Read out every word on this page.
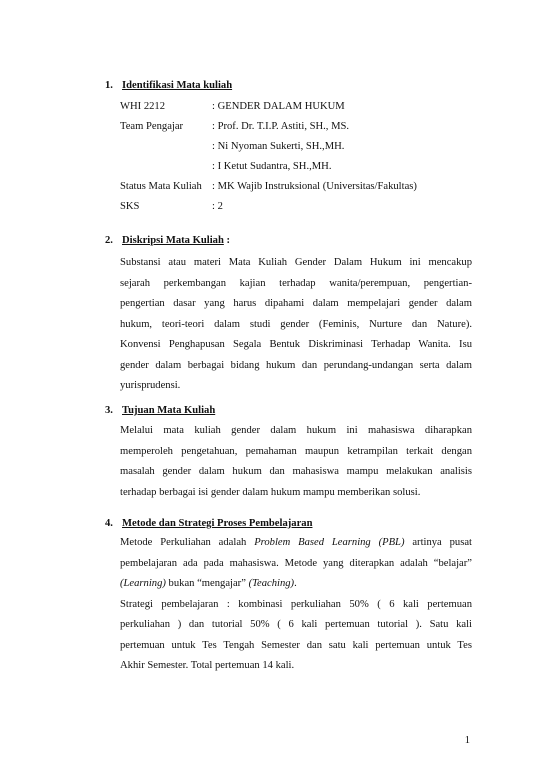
1. Identifikasi Mata kuliah
WHI 2212	: GENDER DALAM HUKUM
Team Pengajar	: Prof. Dr. T.I.P. Astiti, SH., MS.
: Ni Nyoman Sukerti, SH.,MH.
: I Ketut Sudantra, SH.,MH.
Status Mata Kuliah : MK Wajib Instruksional (Universitas/Fakultas)
SKS	: 2
2. Diskripsi Mata Kuliah :
Substansi atau materi Mata Kuliah Gender Dalam Hukum ini mencakup
sejarah perkembangan kajian terhadap wanita/perempuan, pengertian-
pengertian dasar yang harus dipahami dalam mempelajari gender dalam
hukum, teori-teori dalam studi gender (Feminis, Nurture dan Nature).
Konvensi Penghapusan Segala Bentuk Diskriminasi Terhadap Wanita. Isu
gender dalam berbagai bidang hukum dan perundang-undangan serta dalam
yurisprudensi.
3. Tujuan Mata Kuliah
Melalui mata kuliah gender dalam hukum ini mahasiswa diharapkan
memperoleh pengetahuan, pemahaman maupun ketrampilan terkait dengan
masalah gender dalam hukum dan mahasiswa mampu melakukan analisis
terhadap berbagai isi gender dalam hukum mampu memberikan solusi.
4. Metode dan Strategi Proses Pembelajaran
Metode Perkuliahan adalah Problem Based Learning (PBL) artinya pusat
pembelajaran ada pada mahasiswa. Metode yang diterapkan adalah “belajar”
(Learning) bukan “mengajar” (Teaching).
Strategi pembelajaran : kombinasi perkuliahan 50% ( 6 kali pertemuan
perkuliahan ) dan tutorial 50% ( 6 kali pertemuan tutorial ). Satu kali
pertemuan untuk Tes Tengah Semester dan satu kali pertemuan untuk Tes
Akhir Semester. Total pertemuan 14 kali.
1
